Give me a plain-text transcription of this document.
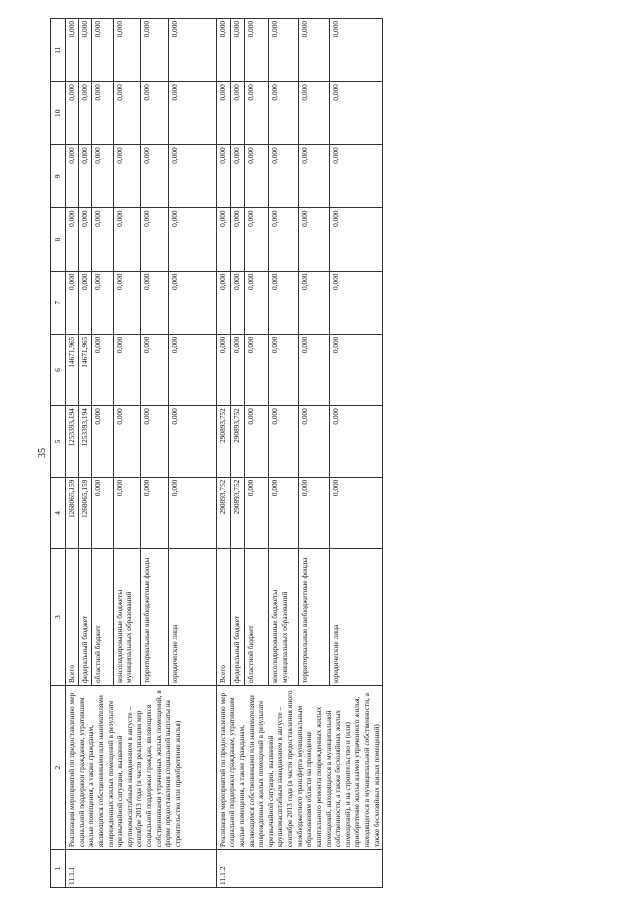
35
1	2	3	4	5	6	7	8	9	10	11
11.1.1	Реализация мероприятий по предоставлению мер социальной поддержки гражданам, утратившим жилые помещения, а также гражданам, являющимся собственниками или нанимателями поврежденных жилых помещений в результате чрезвычайной ситуации, вызванной крупномасштабным наводнением в августе – сентябре 2013 года (в части реализации мер социальной поддержки граждан, являющихся собственниками утраченных жилых помещений, в форме предоставления социальной выплаты на строительство или приобретение жилья)	Всего	1268065,159	1253393,194	14671,965	0,000	0,000	0,000	0,000	0,000
		федеральный бюджет	1268065,159	1253393,194	14671,965	0,000	0,000	0,000	0,000	0,000
		областной бюджет	0,000	0,000	0,000	0,000	0,000	0,000	0,000	0,000
		консолидированные бюджеты муниципальных образований	0,000	0,000	0,000	0,000	0,000	0,000	0,000	0,000
		территориальные внебюджетные фонды	0,000	0,000	0,000	0,000	0,000	0,000	0,000	0,000
		юридические лица	0,000	0,000	0,000	0,000	0,000	0,000	0,000	0,000
11.1.2	Реализация мероприятий по предоставлению мер социальной поддержки гражданам, утратившим жилые помещения, а также гражданам, являющимся собственниками или нанимателями поврежденных жилых помещений в результате чрезвычайной ситуации, вызванной крупномасштабным наводнением в августе – сентябре 2013 года (в части предоставления иного межбюджетного трансферта муниципальным образованиям области на проведение капитального ремонта поврежденных жилых помещений, находящихся в муниципальной собственности, а также бесхозяйных жилых помещений), и на строительство и (или) приобретение жилья взамен утраченного жилья, находящегося в муниципальной собственности, а также бесхозяйных жилых помещений)	Всего	290893,752	290893,752	0,000	0,000	0,000	0,000	0,000	0,000
		федеральный бюджет	290893,752	290893,752	0,000	0,000	0,000	0,000	0,000	0,000
		областной бюджет	0,000	0,000	0,000	0,000	0,000	0,000	0,000	0,000
		консолидированные бюджеты муниципальных образований	0,000	0,000	0,000	0,000	0,000	0,000	0,000	0,000
		территориальные внебюджетные фонды	0,000	0,000	0,000	0,000	0,000	0,000	0,000	0,000
		юридические лица	0,000	0,000	0,000	0,000	0,000	0,000	0,000	0,000
